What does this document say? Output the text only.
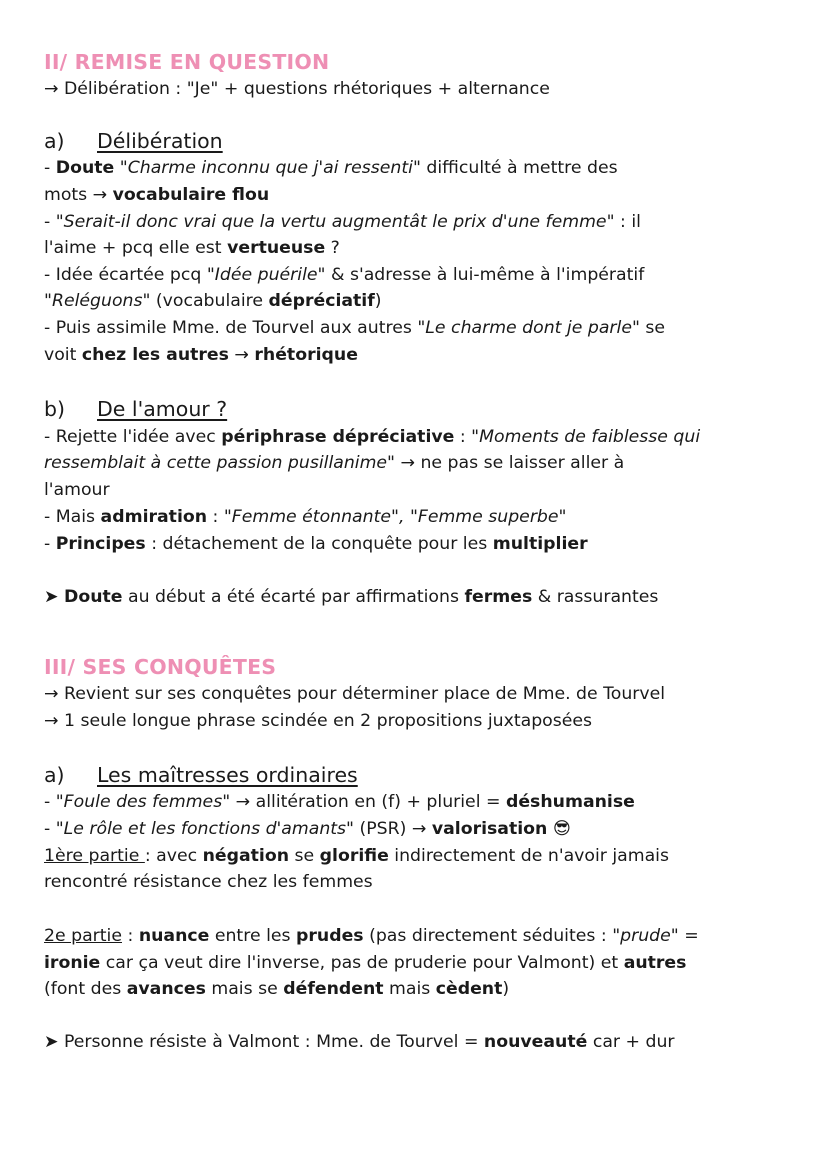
II/ REMISE EN QUESTION
→ Délibération : "Je" + questions rhétoriques + alternance
a) Délibération
- Doute "Charme inconnu que j'ai ressenti" difficulté à mettre des
mots → vocabulaire flou
- "Serait-il donc vrai que la vertu augmentât le prix d'une femme" : il
l'aime + pcq elle est vertueuse ?
- Idée écartée pcq "Idée puérile" & s'adresse à lui-même à l'impératif
"Reléguons" (vocabulaire dépréciatif)
- Puis assimile Mme. de Tourvel aux autres "Le charme dont je parle" se
voit chez les autres → rhétorique
b) De l'amour ?
- Rejette l'idée avec périphrase dépréciative : "Moments de faiblesse qui
ressemblait à cette passion pusillanime" → ne pas se laisser aller à
l'amour
- Mais admiration : "Femme étonnante", "Femme superbe"
- Principes : détachement de la conquête pour les multiplier
➤ Doute au début a été écarté par affirmations fermes & rassurantes
III/ SES CONQUÊTES
→ Revient sur ses conquêtes pour déterminer place de Mme. de Tourvel
→ 1 seule longue phrase scindée en 2 propositions juxtaposées
a) Les maîtresses ordinaires
- "Foule des femmes" → allitération en (f) + pluriel = déshumanise
- "Le rôle et les fonctions d'amants" (PSR) → valorisation 😎
1ère partie : avec négation se glorifie indirectement de n'avoir jamais
rencontré résistance chez les femmes
2e partie : nuance entre les prudes (pas directement séduites : "prude" =
ironie car ça veut dire l'inverse, pas de pruderie pour Valmont) et autres
(font des avances mais se défendent mais cèdent)
➤ Personne résiste à Valmont : Mme. de Tourvel = nouveauté car + dur
